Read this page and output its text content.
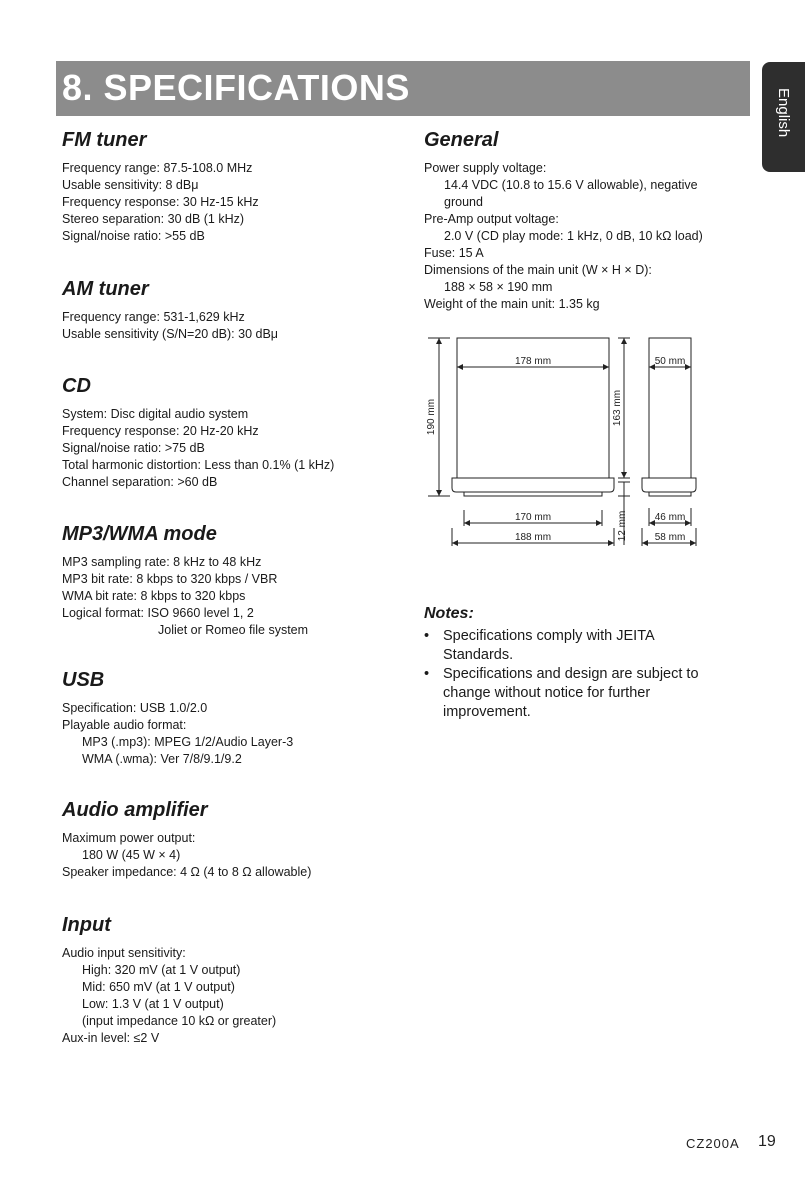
8. SPECIFICATIONS
English
FM tuner
Frequency range: 87.5-108.0 MHz
Usable sensitivity: 8 dBμ
Frequency response: 30 Hz-15 kHz
Stereo separation: 30 dB (1 kHz)
Signal/noise ratio: >55 dB
AM tuner
Frequency range: 531-1,629 kHz
Usable sensitivity (S/N=20 dB): 30 dBμ
CD
System: Disc digital audio system
Frequency response: 20 Hz-20 kHz
Signal/noise ratio: >75 dB
Total harmonic distortion: Less than 0.1% (1 kHz)
Channel separation: >60 dB
MP3/WMA mode
MP3 sampling rate: 8 kHz to 48 kHz
MP3 bit rate: 8 kbps to 320 kbps / VBR
WMA bit rate: 8 kbps to 320 kbps
Logical format: ISO 9660 level 1, 2
Joliet or Romeo file system
USB
Specification: USB 1.0/2.0
Playable audio format:
MP3 (.mp3): MPEG 1/2/Audio Layer-3
WMA (.wma): Ver 7/8/9.1/9.2
Audio amplifier
Maximum power output:
180 W (45 W × 4)
Speaker impedance: 4 Ω (4 to 8 Ω allowable)
Input
Audio input sensitivity:
High: 320 mV (at 1 V output)
Mid: 650 mV (at 1 V output)
Low: 1.3 V (at 1 V output)
(input impedance 10 kΩ or greater)
Aux-in level: ≤2 V
General
Power supply voltage:
14.4 VDC (10.8 to 15.6 V allowable), negative
ground
Pre-Amp output voltage:
2.0 V (CD play mode: 1 kHz, 0 dB, 10 kΩ load)
Fuse: 15 A
Dimensions of the main unit (W × H × D):
188 × 58 × 190 mm
Weight of the main unit: 1.35 kg
178 mm
190 mm	163 mm
12 mm
170 mm
188 mm
50 mm
46 mm
58 mm
Notes:
• Specifications comply with JEITA Standards.
• Specifications and design are subject to change without notice for further improvement.
CZ200A 19
